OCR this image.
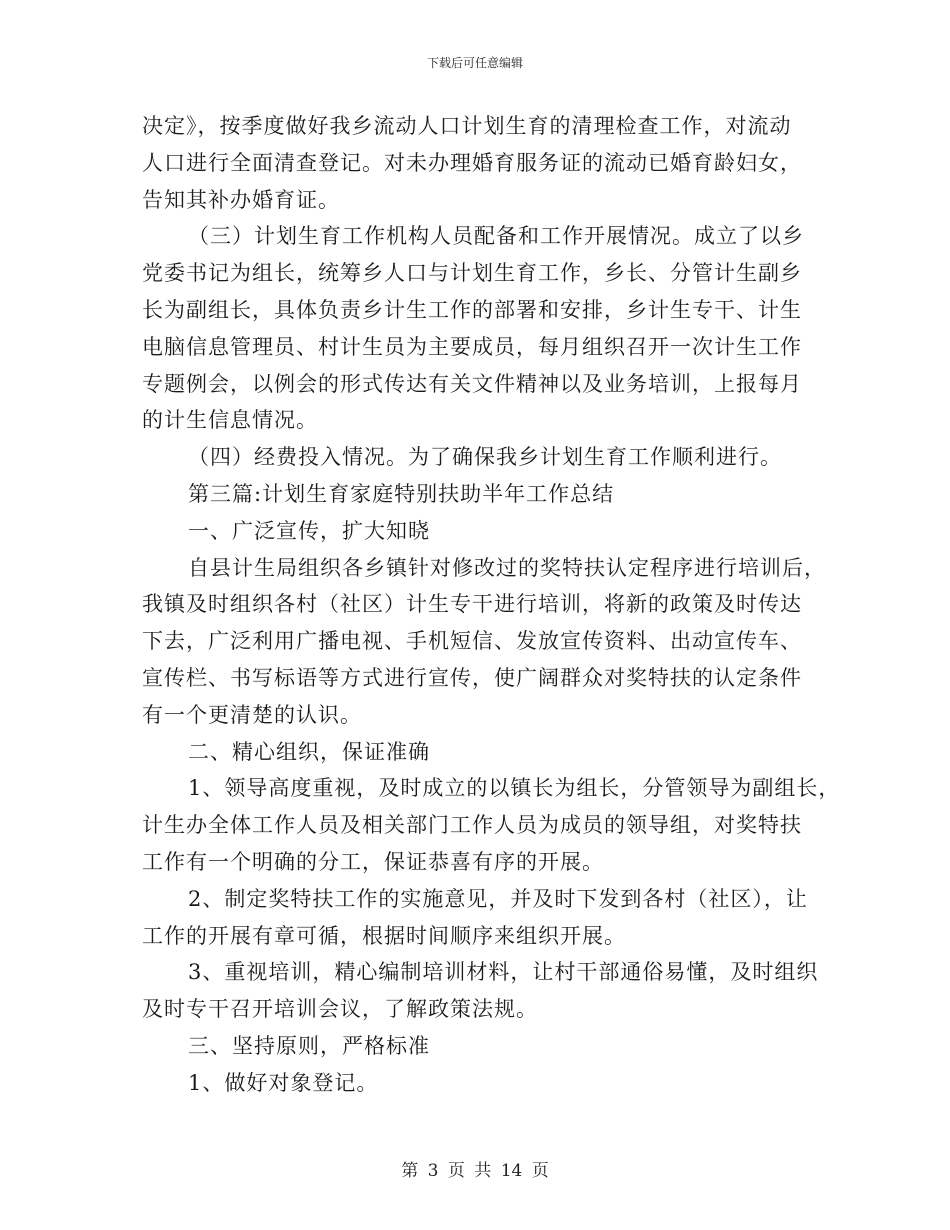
下载后可任意编辑
决定》，按季度做好我乡流动人口计划生育的清理检查工作，对流动
人口进行全面清查登记。对未办理婚育服务证的流动已婚育龄妇女，
告知其补办婚育证。
（三）计划生育工作机构人员配备和工作开展情况。成立了以乡
党委书记为组长，统筹乡人口与计划生育工作，乡长、分管计生副乡
长为副组长，具体负责乡计生工作的部署和安排，乡计生专干、计生
电脑信息管理员、村计生员为主要成员，每月组织召开一次计生工作
专题例会，以例会的形式传达有关文件精神以及业务培训，上报每月
的计生信息情况。
（四）经费投入情况。为了确保我乡计划生育工作顺利进行。
第三篇:计划生育家庭特别扶助半年工作总结
一、广泛宣传，扩大知晓
自县计生局组织各乡镇针对修改过的奖特扶认定程序进行培训后，
我镇及时组织各村（社区）计生专干进行培训，将新的政策及时传达
下去，广泛利用广播电视、手机短信、发放宣传资料、出动宣传车、
宣传栏、书写标语等方式进行宣传，使广阔群众对奖特扶的认定条件
有一个更清楚的认识。
二、精心组织，保证准确
1、领导高度重视，及时成立的以镇长为组长，分管领导为副组长，
计生办全体工作人员及相关部门工作人员为成员的领导组，对奖特扶
工作有一个明确的分工，保证恭喜有序的开展。
2、制定奖特扶工作的实施意见，并及时下发到各村（社区），让
工作的开展有章可循，根据时间顺序来组织开展。
3、重视培训，精心编制培训材料，让村干部通俗易懂，及时组织
及时专干召开培训会议，了解政策法规。
三、坚持原则，严格标准
1、做好对象登记。
第 3 页 共 14 页
